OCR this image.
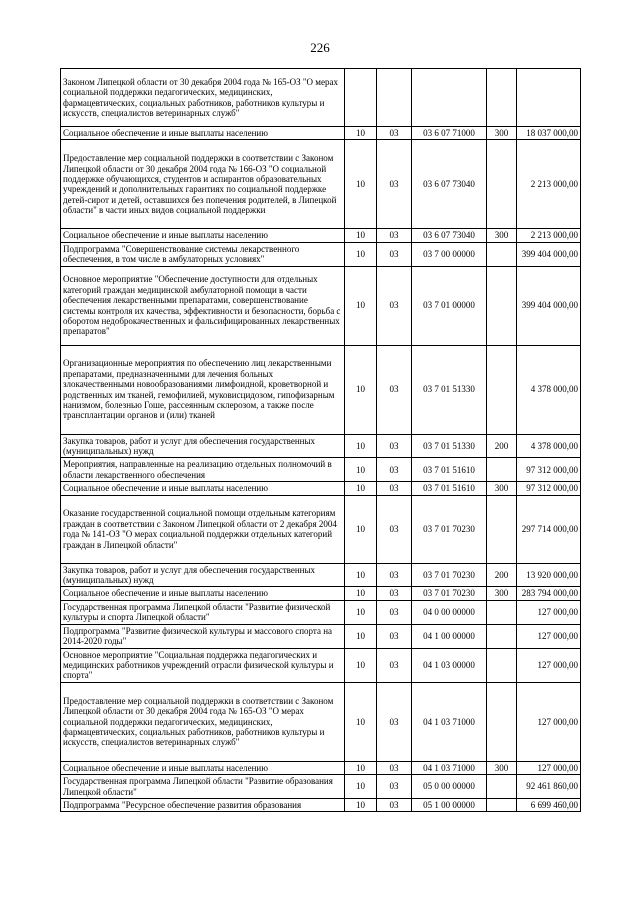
226
Законом Липецкой области от 30 декабря 2004 года № 165-ОЗ "О мерах социальной поддержки педагогических, медицинских, фармацевтических, социальных работников, работников культуры и искусств, специалистов ветеринарных служб"					
Социальное обеспечение и иные выплаты населению	10	03	03 6 07 71000	300	18 037 000,00
Предоставление мер социальной поддержки в соответствии с Законом Липецкой области от 30 декабря 2004 года № 166-ОЗ "О социальной поддержке обучающихся, студентов и аспирантов образовательных учреждений и дополнительных гарантиях по социальной поддержке детей-сирот и детей, оставшихся без попечения родителей, в Липецкой области" в части иных видов социальной поддержки	10	03	03 6 07 73040		2 213 000,00
Социальное обеспечение и иные выплаты населению	10	03	03 6 07 73040	300	2 213 000,00
Подпрограмма "Совершенствование системы лекарственного обеспечения, в том числе в амбулаторных условиях"	10	03	03 7 00 00000		399 404 000,00
Основное мероприятие "Обеспечение доступности для отдельных категорий граждан медицинской амбулаторной помощи в части обеспечения лекарственными препаратами, совершенствование системы контроля их качества, эффективности и безопасности, борьба с оборотом недоброкачественных и фальсифицированных лекарственных препаратов"	10	03	03 7 01 00000		399 404 000,00
Организационные мероприятия по обеспечению лиц лекарственными препаратами, предназначенными для лечения больных злокачественными новообразованиями лимфоидной, кроветворной и родственных им тканей, гемофилией, муковисцидозом, гипофизарным нанизмом, болезнью Гоше, рассеянным склерозом, а также после трансплантации органов и (или) тканей	10	03	03 7 01 51330		4 378 000,00
Закупка товаров, работ и услуг для обеспечения государственных (муниципальных) нужд	10	03	03 7 01 51330	200	4 378 000,00
Мероприятия, направленные на реализацию отдельных полномочий в области лекарственного обеспечения	10	03	03 7 01 51610		97 312 000,00
Социальное обеспечение и иные выплаты населению	10	03	03 7 01 51610	300	97 312 000,00
Оказание государственной социальной помощи отдельным категориям граждан в соответствии с Законом Липецкой области от 2 декабря 2004 года № 141-ОЗ "О мерах социальной поддержки отдельных категорий граждан в Липецкой области"	10	03	03 7 01 70230		297 714 000,00
Закупка товаров, работ и услуг для обеспечения государственных (муниципальных) нужд	10	03	03 7 01 70230	200	13 920 000,00
Социальное обеспечение и иные выплаты населению	10	03	03 7 01 70230	300	283 794 000,00
Государственная программа Липецкой области "Развитие физической культуры и спорта Липецкой области"	10	03	04 0 00 00000		127 000,00
Подпрограмма "Развитие физической культуры и массового спорта на 2014-2020 годы"	10	03	04 1 00 00000		127 000,00
Основное мероприятие "Социальная поддержка педагогических и медицинских работников учреждений отрасли физической культуры и спорта"	10	03	04 1 03 00000		127 000,00
Предоставление мер социальной поддержки в соответствии с Законом Липецкой области от 30 декабря 2004 года № 165-ОЗ "О мерах социальной поддержки педагогических, медицинских, фармацевтических, социальных работников, работников культуры и искусств, специалистов ветеринарных служб"	10	03	04 1 03 71000		127 000,00
Социальное обеспечение и иные выплаты населению	10	03	04 1 03 71000	300	127 000,00
Государственная программа Липецкой области "Развитие образования Липецкой области"	10	03	05 0 00 00000		92 461 860,00
Подпрограмма "Ресурсное обеспечение развития образования	10	03	05 1 00 00000		6 699 460,00
